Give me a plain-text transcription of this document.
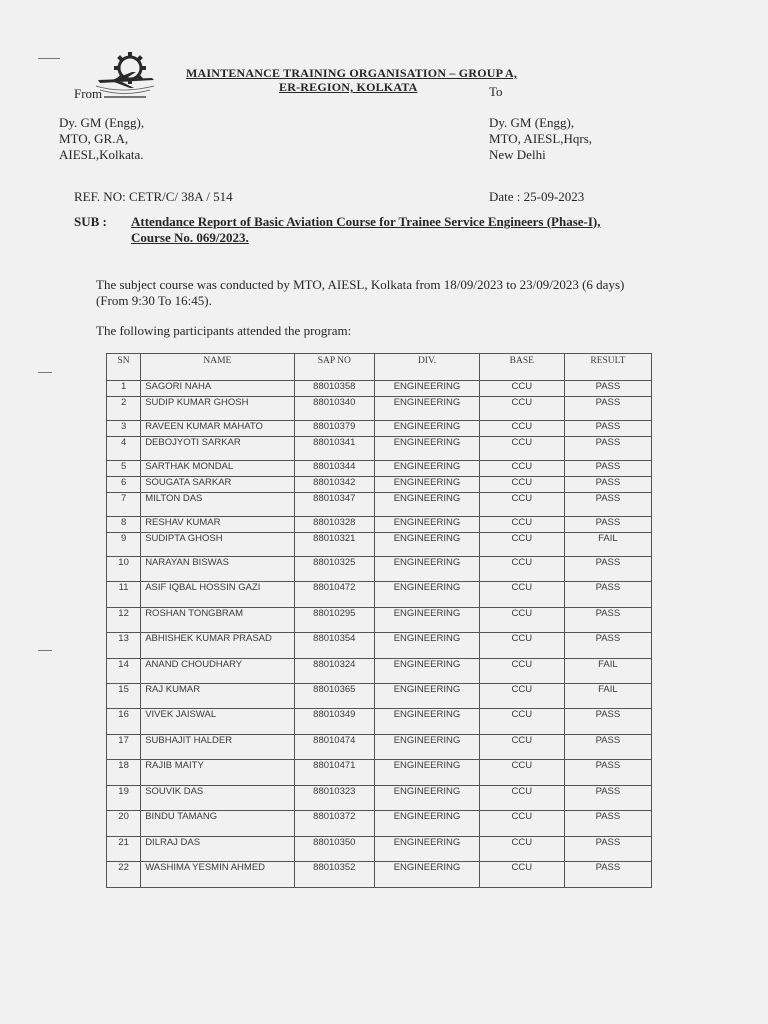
MAINTENANCE TRAINING ORGANISATION – GROUP A,
ER-REGION, KOLKATA
From	To
Dy. GM (Engg),
MTO, GR.A,
AIESL,Kolkata.
Dy. GM (Engg),
MTO, AIESL,Hqrs,
New Delhi
REF. NO: CETR/C/ 38A / 514	Date : 25-09-2023
SUB : Attendance Report of Basic Aviation Course for Trainee Service Engineers (Phase-I),
Course No. 069/2023.
The subject course was conducted by MTO, AIESL, Kolkata from 18/09/2023 to 23/09/2023 (6 days) (From 9:30 To 16:45).
The following participants attended the program:
SN	NAME	SAP NO	DIV.	BASE	RESULT
1	SAGORI NAHA	88010358	ENGINEERING	CCU	PASS
2	SUDIP KUMAR GHOSH	88010340	ENGINEERING	CCU	PASS
3	RAVEEN KUMAR MAHATO	88010379	ENGINEERING	CCU	PASS
4	DEBOJYOTI SARKAR	88010341	ENGINEERING	CCU	PASS
5	SARTHAK MONDAL	88010344	ENGINEERING	CCU	PASS
6	SOUGATA SARKAR	88010342	ENGINEERING	CCU	PASS
7	MILTON DAS	88010347	ENGINEERING	CCU	PASS
8	RESHAV KUMAR	88010328	ENGINEERING	CCU	PASS
9	SUDIPTA GHOSH	88010321	ENGINEERING	CCU	FAIL
10	NARAYAN BISWAS	88010325	ENGINEERING	CCU	PASS
11	ASIF IQBAL HOSSIN GAZI	88010472	ENGINEERING	CCU	PASS
12	ROSHAN TONGBRAM	88010295	ENGINEERING	CCU	PASS
13	ABHISHEK KUMAR PRASAD	88010354	ENGINEERING	CCU	PASS
14	ANAND CHOUDHARY	88010324	ENGINEERING	CCU	FAIL
15	RAJ KUMAR	88010365	ENGINEERING	CCU	FAIL
16	VIVEK JAISWAL	88010349	ENGINEERING	CCU	PASS
17	SUBHAJIT HALDER	88010474	ENGINEERING	CCU	PASS
18	RAJIB MAITY	88010471	ENGINEERING	CCU	PASS
19	SOUVIK DAS	88010323	ENGINEERING	CCU	PASS
20	BINDU TAMANG	88010372	ENGINEERING	CCU	PASS
21	DILRAJ DAS	88010350	ENGINEERING	CCU	PASS
22	WASHIMA YESMIN AHMED	88010352	ENGINEERING	CCU	PASS
